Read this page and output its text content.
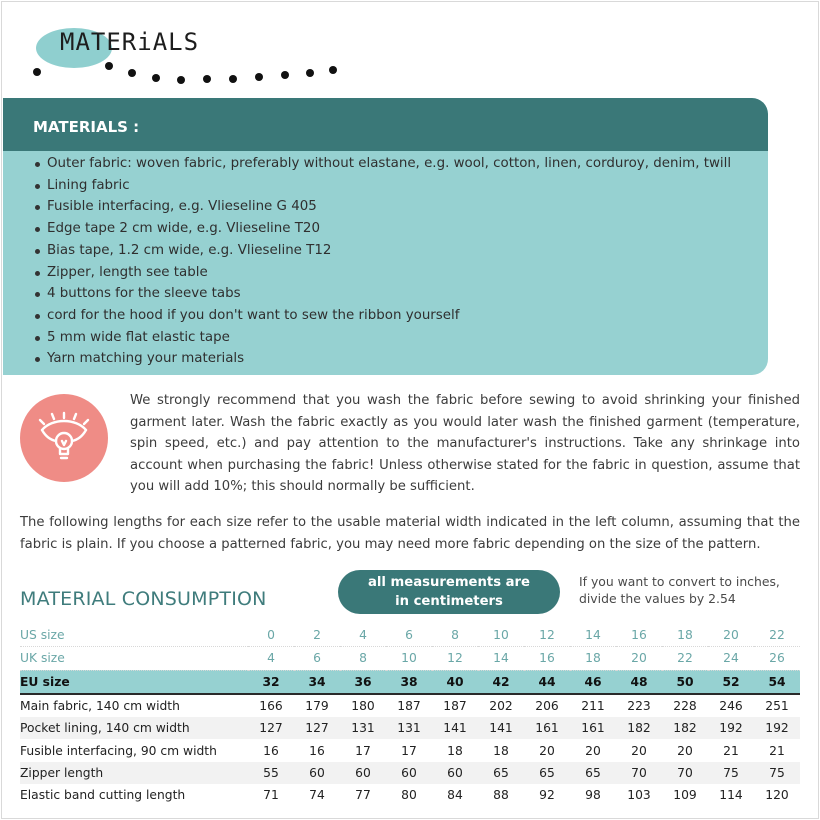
MATERiALS
MATERIALS :
Outer fabric: woven fabric, preferably without elastane, e.g. wool, cotton, linen, corduroy, denim, twill
Lining fabric
Fusible interfacing, e.g. Vlieseline G 405
Edge tape 2 cm wide, e.g. Vlieseline T20
Bias tape, 1.2 cm wide, e.g. Vlieseline T12
Zipper, length see table
4 buttons for the sleeve tabs
cord for the hood if you don't want to sew the ribbon yourself
5 mm wide flat elastic tape
Yarn matching your materials
We strongly recommend that you wash the fabric before sewing to avoid shrinking your finished garment later. Wash the fabric exactly as you would later wash the finished garment (temperature, spin speed, etc.) and pay attention to the manufacturer's instructions. Take any shrinkage into account when purchasing the fabric! Unless otherwise stated for the fabric in question, assume that you will add 10%; this should normally be sufficient.
The following lengths for each size refer to the usable material width indicated in the left column, assuming that the fabric is plain. If you choose a patterned fabric, you may need more fabric depending on the size of the pattern.
MATERIAL CONSUMPTION
all measurements are
in centimeters
If you want to convert to inches,
divide the values by 2.54
US size	0	2	4	6	8	10	12	14	16	18	20	22
UK size	4	6	8	10	12	14	16	18	20	22	24	26
EU size	32	34	36	38	40	42	44	46	48	50	52	54
Main fabric, 140 cm width	166	179	180	187	187	202	206	211	223	228	246	251
Pocket lining, 140 cm width	127	127	131	131	141	141	161	161	182	182	192	192
Fusible interfacing, 90 cm width	16	16	17	17	18	18	20	20	20	20	21	21
Zipper length	55	60	60	60	60	65	65	65	70	70	75	75
Elastic band cutting length	71	74	77	80	84	88	92	98	103	109	114	120
